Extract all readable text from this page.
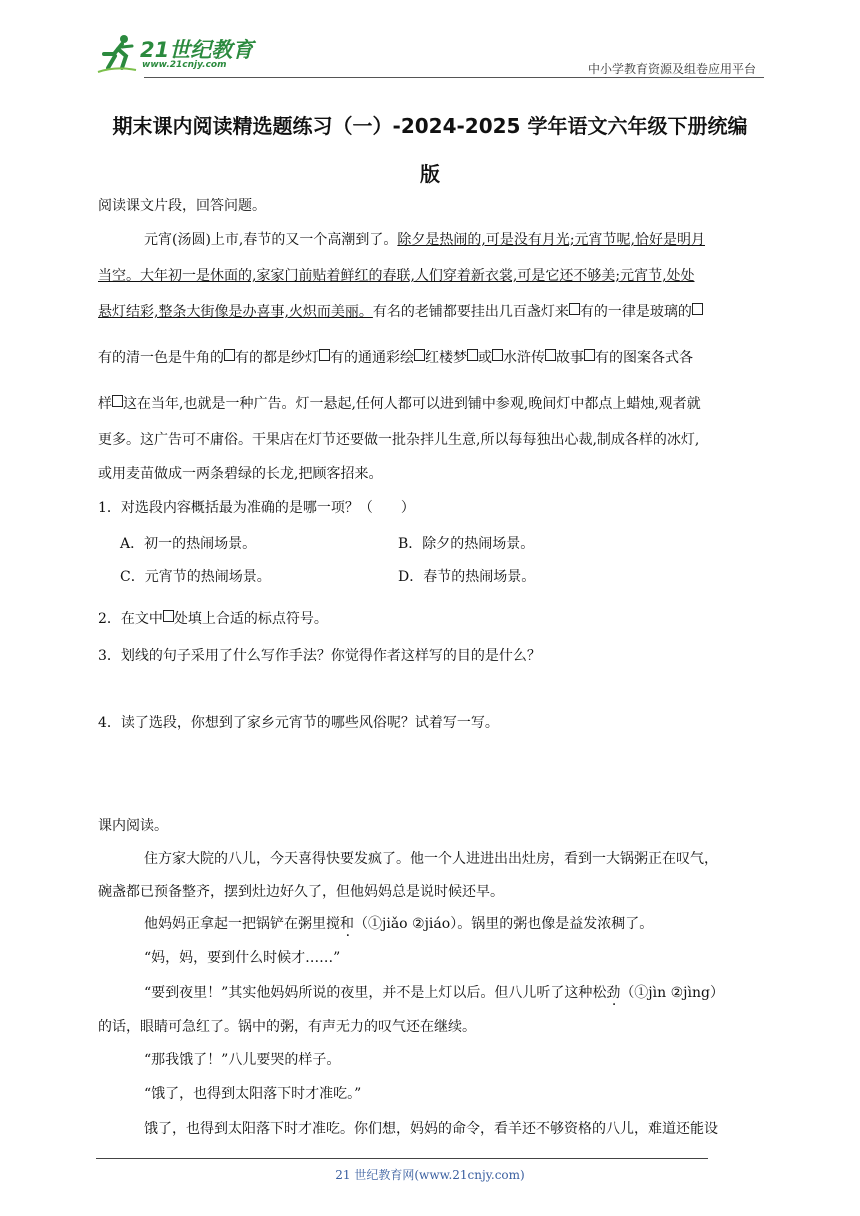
21世纪教育
www.21cnjy.com	中小学教育资源及组卷应用平台
期末课内阅读精选题练习（一）-2024-2025 学年语文六年级下册统编
版
阅读课文片段，回答问题。
元宵(汤圆)上市,春节的又一个高潮到了。除夕是热闹的,可是没有月光;元宵节呢,恰好是明月
当空。大年初一是休面的,家家门前贴着鲜红的春联,人们穿着新衣裳,可是它还不够美;元宵节,处处
悬灯结彩,整条大街像是办喜事,火炽而美丽。有名的老铺都要挂出几百盏灯来 有的一律是玻璃的
有的清一色是牛角的 有的都是纱灯 有的通通彩绘 红楼梦 或 水浒传 故事 有的图案各式各
样 这在当年,也就是一种广告。灯一悬起,任何人都可以进到铺中参观,晚间灯中都点上蜡烛,观者就
更多。这广告可不庸俗。干果店在灯节还要做一批杂拌儿生意,所以每每独出心裁,制成各样的冰灯,
或用麦苗做成一两条碧绿的长龙,把顾客招来。
1．对选段内容概括最为准确的是哪一项？（　　）
A．初一的热闹场景。	B．除夕的热闹场景。
C．元宵节的热闹场景。	D．春节的热闹场景。
2．在文中 处填上合适的标点符号。
3．划线的句子采用了什么写作手法？你觉得作者这样写的目的是什么？
4．读了选段，你想到了家乡元宵节的哪些风俗呢？试着写一写。
课内阅读。
住方家大院的八儿，今天喜得快要发疯了。他一个人进进出出灶房，看到一大锅粥正在叹气，
碗盏都已预备整齐，摆到灶边好久了，但他妈妈总是说时候还早。
他妈妈正拿起一把锅铲在粥里搅和（①jiǎo ②jiáo）。锅里的粥也像是益发浓稠了。
“妈，妈，要到什么时候才……”
“要到夜里！”其实他妈妈所说的夜里，并不是上灯以后。但八儿听了这种松劲（①jìn ②jìng）
的话，眼睛可急红了。锅中的粥，有声无力的叹气还在继续。
“那我饿了！”八儿要哭的样子。
“饿了，也得到太阳落下时才准吃。”
饿了，也得到太阳落下时才准吃。你们想，妈妈的命令，看羊还不够资格的八儿，难道还能设
21 世纪教育网(www.21cnjy.com)
